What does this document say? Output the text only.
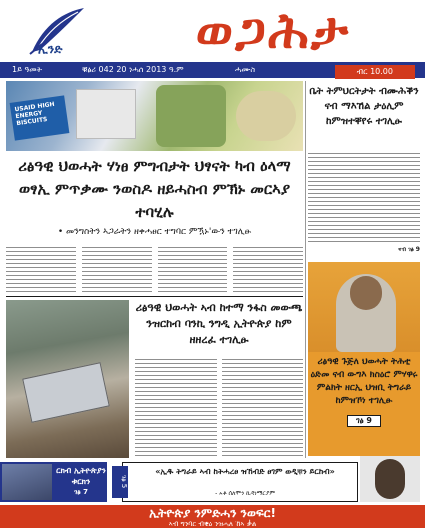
ኢንድ	ወጋሕታ
1ይ ዓመት	ቑፅሪ 042 20 ነሓሰ 2013 ዓ.ም	ሓሙስ	ብር 10.00
USAID HIGH ENERGY BISCUITS
ሪፅዓዊ ህወሓት ሃነፀ ምግብታት ህፃናት ካብ ዕላማ ወፃኢ ምጥቃሙ ንወስዶ ዘይሓስብ ምኽኑ መርኣያ ተባሂሉ
• መንግስትን ኣጋራትን ዘቀሓፀር ተግባር ምዃኑ'ውን ተገሊፁ
ሪፅዓዊ ህወሓት ኣብ ከተማ ንፋስ መውጫ ንዝርከብ ባንኪ ንግዲ ኢትዮጵያ ከም ዘዘረፈ ተገሊፁ
ቤት ትምህርትታት ብሙሕቕን ናብ ማእኸል ታዕሊም ከምዝተቐየሩ ተገሊፁ
ናብ ገፅ 9
ሪፅዓዊ ጉጅለ ህወሓት ትሕቲ ዕድመ ናብ ውግእ ክስዕሮ ምሃዋሩ ምልክት ዘርኢ ህዝቢ ትግራይ ከምዝኾነ ተገሊፁ
ገፅ 9
ርክብ ኢትዮጵያን ቱርክን
ገፅ 7
ገፅ 5
«ኢዱ ትግራይ ኣብ ከትሓረፀ ዝኸብድ ፀገም ወዲቑን ይርከብ»
- ኣቶ ሰለሞን ኪዳነማርያም
ኢትዮጵያ ንምድሓን ንወፍር!
ኣብ ግንባር ብቑዕ ንዝሓለ ኸኣ ቃል
